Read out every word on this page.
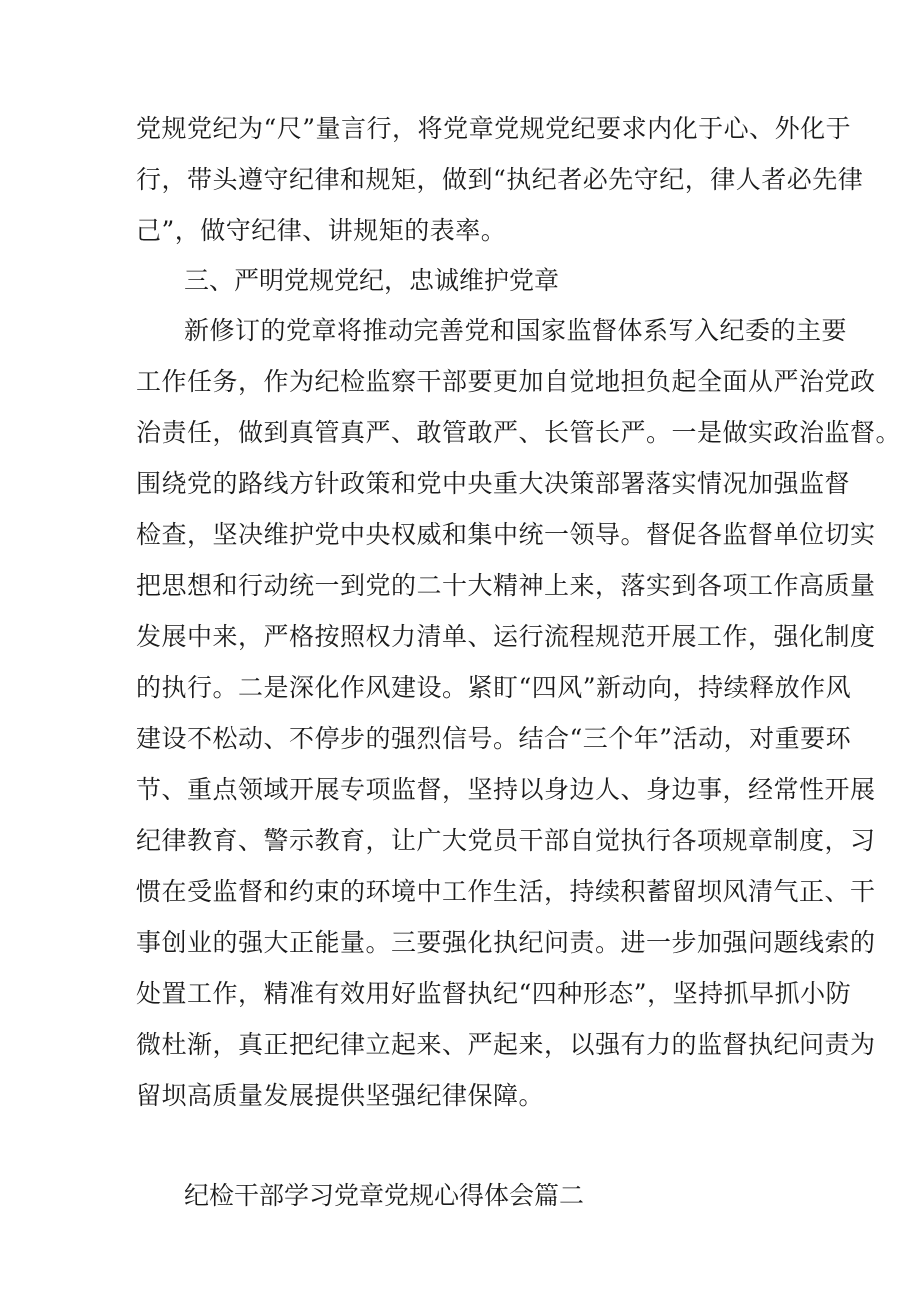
党规党纪为“尺”量言行，将党章党规党纪要求内化于心、外化于
行，带头遵守纪律和规矩，做到“执纪者必先守纪，律人者必先律
己”，做守纪律、讲规矩的表率。
三、严明党规党纪，忠诚维护党章
新修订的党章将推动完善党和国家监督体系写入纪委的主要
工作任务，作为纪检监察干部要更加自觉地担负起全面从严治党政
治责任，做到真管真严、敢管敢严、长管长严。一是做实政治监督。
围绕党的路线方针政策和党中央重大决策部署落实情况加强监督
检查，坚决维护党中央权威和集中统一领导。督促各监督单位切实
把思想和行动统一到党的二十大精神上来，落实到各项工作高质量
发展中来，严格按照权力清单、运行流程规范开展工作，强化制度
的执行。二是深化作风建设。紧盯“四风”新动向，持续释放作风
建设不松动、不停步的强烈信号。结合“三个年”活动，对重要环
节、重点领域开展专项监督，坚持以身边人、身边事，经常性开展
纪律教育、警示教育，让广大党员干部自觉执行各项规章制度，习
惯在受监督和约束的环境中工作生活，持续积蓄留坝风清气正、干
事创业的强大正能量。三要强化执纪问责。进一步加强问题线索的
处置工作，精准有效用好监督执纪“四种形态”，坚持抓早抓小防
微杜渐，真正把纪律立起来、严起来，以强有力的监督执纪问责为
留坝高质量发展提供坚强纪律保障。
纪检干部学习党章党规心得体会篇二
